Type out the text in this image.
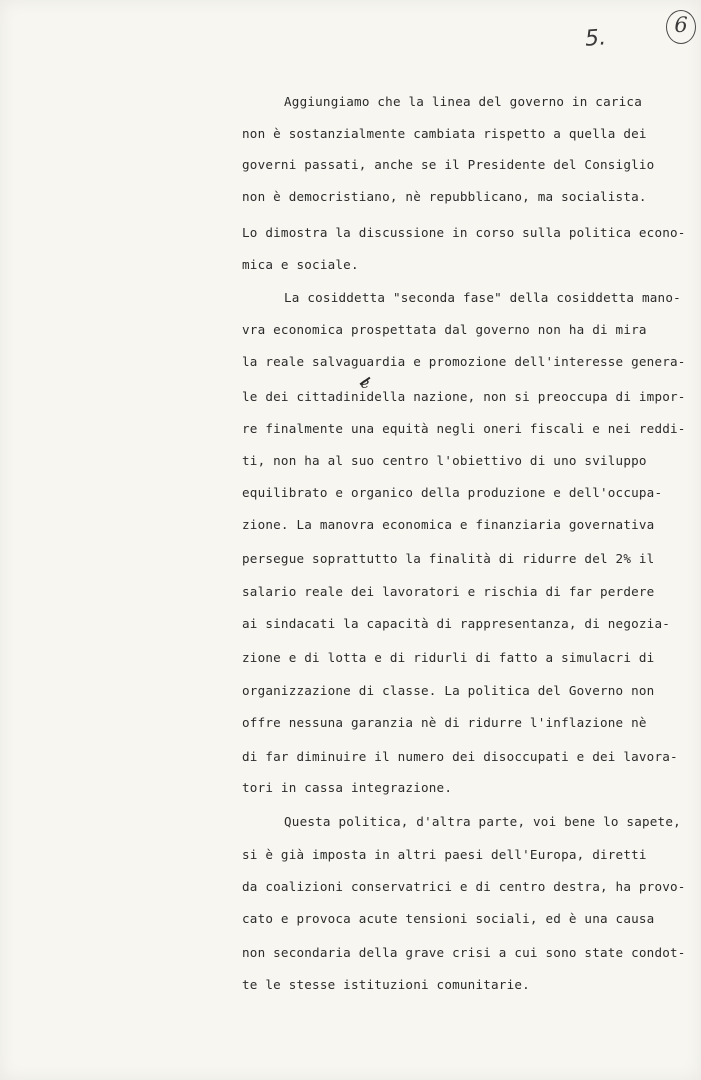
5.
6
Aggiungiamo che la linea del governo in carica
non è sostanzialmente cambiata rispetto a quella dei
governi passati, anche se il Presidente del Consiglio
non è democristiano, nè repubblicano, ma socialista.
Lo dimostra la discussione in corso sulla politica econo-
mica e sociale.
La cosiddetta "seconda fase" della cosiddetta mano-
vra economica prospettata dal governo non ha di mira
la reale salvaguardia e promozione dell'interesse genera-
le dei cittadini
e
della nazione, non si preoccupa di impor-
re finalmente una equità negli oneri fiscali e nei reddi-
ti, non ha al suo centro l'obiettivo di uno sviluppo
equilibrato e organico della produzione e dell'occupa-
zione. La manovra economica e finanziaria governativa
persegue soprattutto la finalità di ridurre del 2% il
salario reale dei lavoratori e rischia di far perdere
ai sindacati la capacità di rappresentanza, di negozia-
zione e di lotta e di ridurli di fatto a simulacri di
organizzazione di classe. La politica del Governo non
offre nessuna garanzia nè di ridurre l'inflazione nè
di far diminuire il numero dei disoccupati e dei lavora-
tori in cassa integrazione.
Questa politica, d'altra parte, voi bene lo sapete,
si è già imposta in altri paesi dell'Europa, diretti
da coalizioni conservatrici e di centro destra, ha provo-
cato e provoca acute tensioni sociali, ed è una causa
non secondaria della grave crisi a cui sono state condot-
te le stesse istituzioni comunitarie.
